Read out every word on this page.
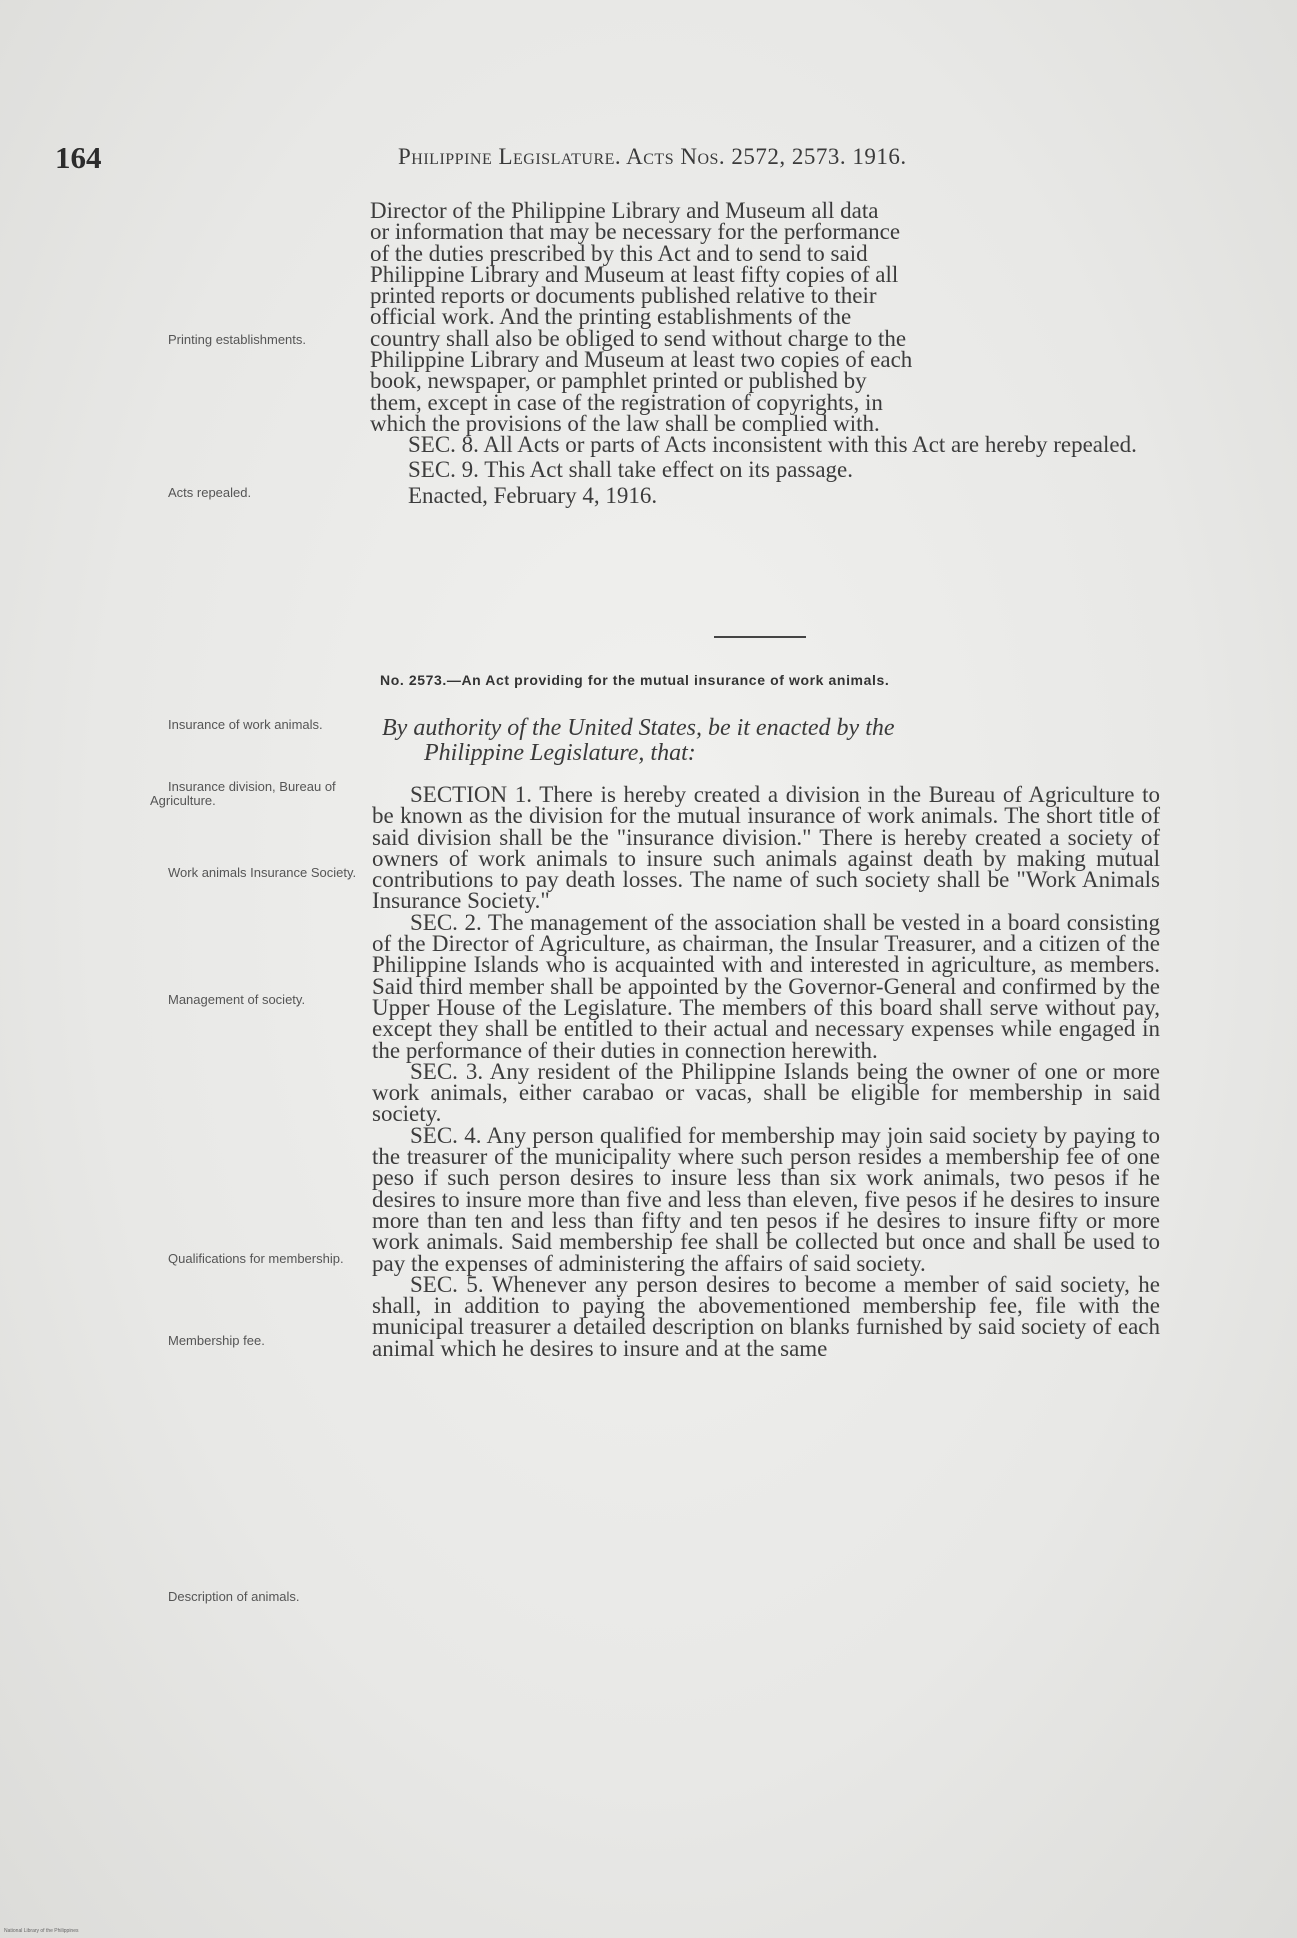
164	Philippine Legislature. Acts Nos. 2572, 2573. 1916.

Director of the Philippine Library and Museum all data

or information that may be necessary for the performance

of the duties prescribed by this Act and to send to said

Philippine Library and Museum at least fifty copies of all

printed reports or documents published relative to their

official work. And the printing establishments of the

country shall also be obliged to send without charge to the

Philippine Library and Museum at least two copies of each

book, newspaper, or pamphlet printed or published by

them, except in case of the registration of copyrights, in

which the provisions of the law shall be complied with.

SEC. 8. All Acts or parts of Acts inconsistent with this Act are hereby repealed.

SEC. 9. This Act shall take effect on its passage.

Enacted, February 4, 1916.

Printing establishments.
Acts repealed.
No. 2573.—An Act providing for the mutual insurance of work animals.
Insurance of work animals.	By authority of the United States, be it enacted by the
Philippine Legislature, that:

SECTION 1. There is hereby created a division in the Bureau of Agriculture to be known as the division for the mutual insurance of work animals. The short title of said division shall be the "insurance division." There is hereby created a society of owners of work animals to insure such animals against death by making mutual contributions to pay death losses. The name of such society shall be "Work Animals Insurance Society."

SEC. 2. The management of the association shall be vested in a board consisting of the Director of Agriculture, as chairman, the Insular Treasurer, and a citizen of the Philippine Islands who is acquainted with and interested in agriculture, as members. Said third member shall be appointed by the Governor-General and confirmed by the Upper House of the Legislature. The members of this board shall serve without pay, except they shall be entitled to their actual and necessary expenses while engaged in the performance of their duties in connection herewith.

SEC. 3. Any resident of the Philippine Islands being the owner of one or more work animals, either carabao or vacas, shall be eligible for membership in said society.

SEC. 4. Any person qualified for membership may join said society by paying to the treasurer of the municipality where such person resides a membership fee of one peso if such person desires to insure less than six work animals, two pesos if he desires to insure more than five and less than eleven, five pesos if he desires to insure more than ten and less than fifty and ten pesos if he desires to insure fifty or more work animals. Said membership fee shall be collected but once and shall be used to pay the expenses of administering the affairs of said society.

SEC. 5. Whenever any person desires to become a member of said society, he shall, in addition to paying the abovementioned membership fee, file with the municipal treasurer a detailed description on blanks furnished by said society of each animal which he desires to insure and at the same

Insurance division, Bureau of Agriculture.
Work animals Insurance Society.
Management of society.
Qualifications for membership.
Membership fee.
Description of animals.
National Library of the Philippines
